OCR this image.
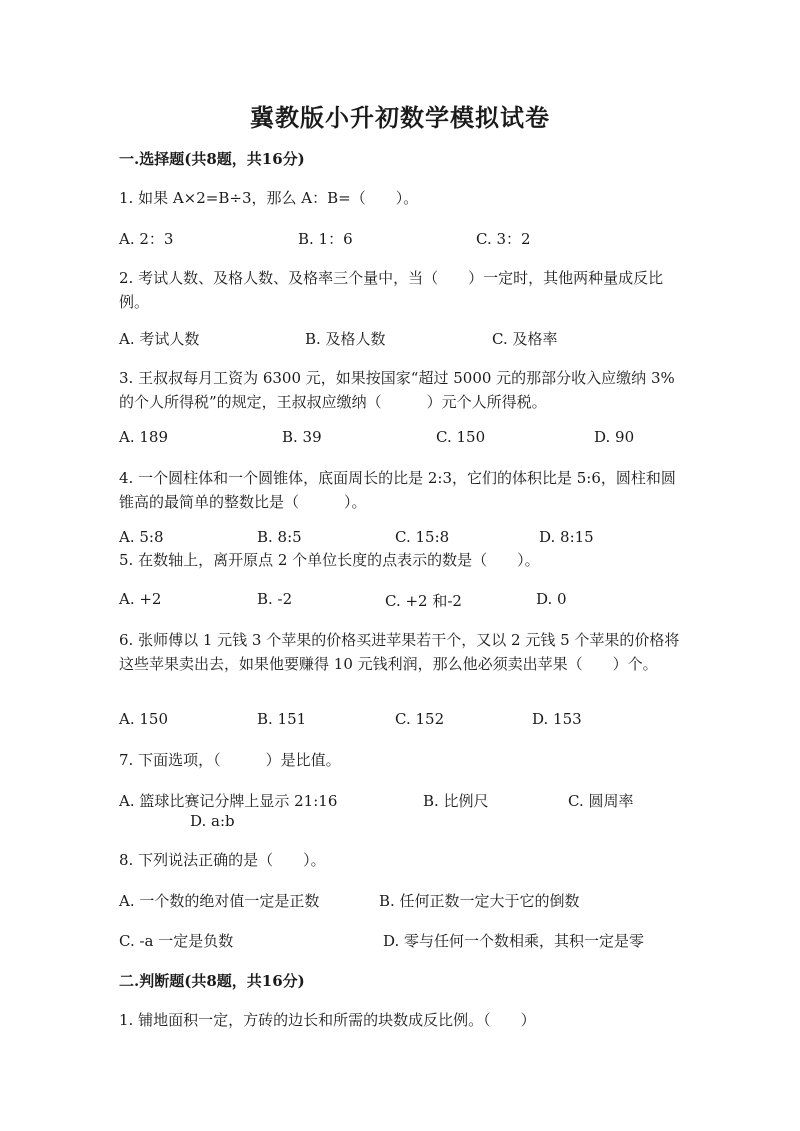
冀教版小升初数学模拟试卷
一.选择题(共8题，共16分)
1. 如果 A×2=B÷3，那么 A：B=（　　）。
A. 2：3	B. 1：6	C. 3：2
2. 考试人数、及格人数、及格率三个量中，当（　　）一定时，其他两种量成反比例。
A. 考试人数	B. 及格人数	C. 及格率
3. 王叔叔每月工资为 6300 元，如果按国家“超过 5000 元的那部分收入应缴纳 3%的个人所得税”的规定，王叔叔应缴纳（　　　）元个人所得税。
A. 189	B. 39	C. 150	D. 90
4. 一个圆柱体和一个圆锥体，底面周长的比是 2:3，它们的体积比是 5:6，圆柱和圆锥高的最简单的整数比是（　　　）。
A. 5:8	B. 8:5	C. 15:8	D. 8:15
5. 在数轴上，离开原点 2 个单位长度的点表示的数是（　　）。
A. +2	B. -2	C. +2 和-2	D. 0
6. 张师傅以 1 元钱 3 个苹果的价格买进苹果若干个，又以 2 元钱 5 个苹果的价格将这些苹果卖出去，如果他要赚得 10 元钱利润，那么他必须卖出苹果（　　）个。
A. 150	B. 151	C. 152	D. 153
7. 下面选项，（　　　）是比值。
A. 篮球比赛记分牌上显示 21:16	B. 比例尺	C. 圆周率
D. a:b
8. 下列说法正确的是（　　）。
A. 一个数的绝对值一定是正数	B. 任何正数一定大于它的倒数
C. -a 一定是负数	D. 零与任何一个数相乘，其积一定是零
二.判断题(共8题，共16分)
1. 铺地面积一定，方砖的边长和所需的块数成反比例。（　　）
